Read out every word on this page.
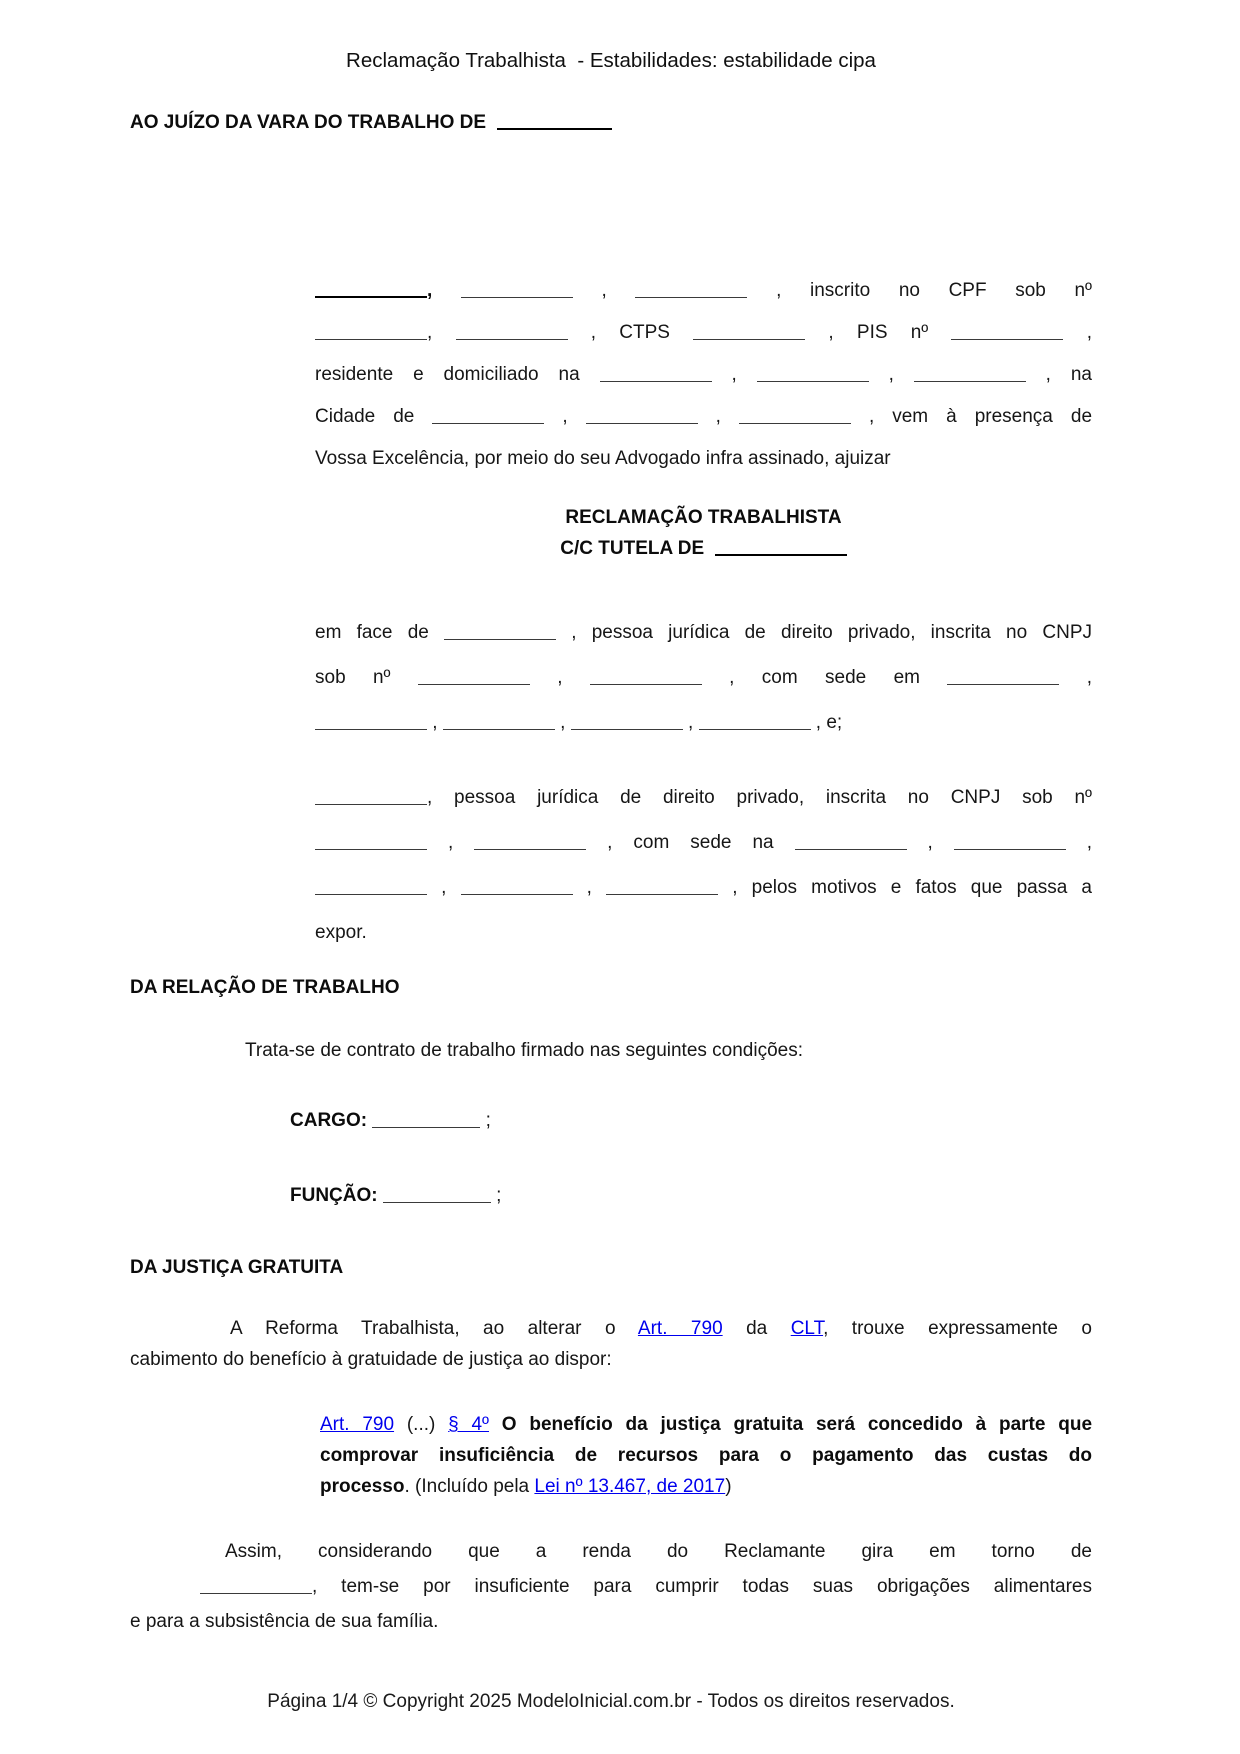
Reclamação Trabalhista  - Estabilidades: estabilidade cipa
AO JUÍZO DA VARA DO TRABALHO DE
,	,	, inscrito no CPF sob nº
,	, CTPS	, PIS nº	,
residente e domiciliado na	,	,	, na
Cidade de	,	,	, vem à presença de
Vossa Excelência, por meio do seu Advogado infra assinado, ajuizar
RECLAMAÇÃO TRABALHISTA
C/C TUTELA DE
em face de	, pessoa jurídica de direito privado, inscrita no CNPJ
sob nº	,	, com sede em	,
,	,	,	, e;
, pessoa jurídica de direito privado, inscrita no CNPJ sob nº
,	, com sede na	,	,
,	,	, pelos motivos e fatos que passa a
expor.
DA RELAÇÃO DE TRABALHO
Trata-se de contrato de trabalho firmado nas seguintes condições:
CARGO:	;
FUNÇÃO:	;
DA JUSTIÇA GRATUITA
A Reforma Trabalhista, ao alterar o Art. 790 da CLT, trouxe expressamente o
cabimento do benefício à gratuidade de justiça ao dispor:
Art. 790 (...) § 4º O benefício da justiça gratuita será concedido à parte que
comprovar insuficiência de recursos para o pagamento das custas do
processo. (Incluído pela Lei nº 13.467, de 2017)
Assim, considerando que a renda do Reclamante gira em torno de
, tem-se por insuficiente para cumprir todas suas obrigações alimentares
e para a subsistência de sua família.
Página 1/4 © Copyright 2025 ModeloInicial.com.br - Todos os direitos reservados.
